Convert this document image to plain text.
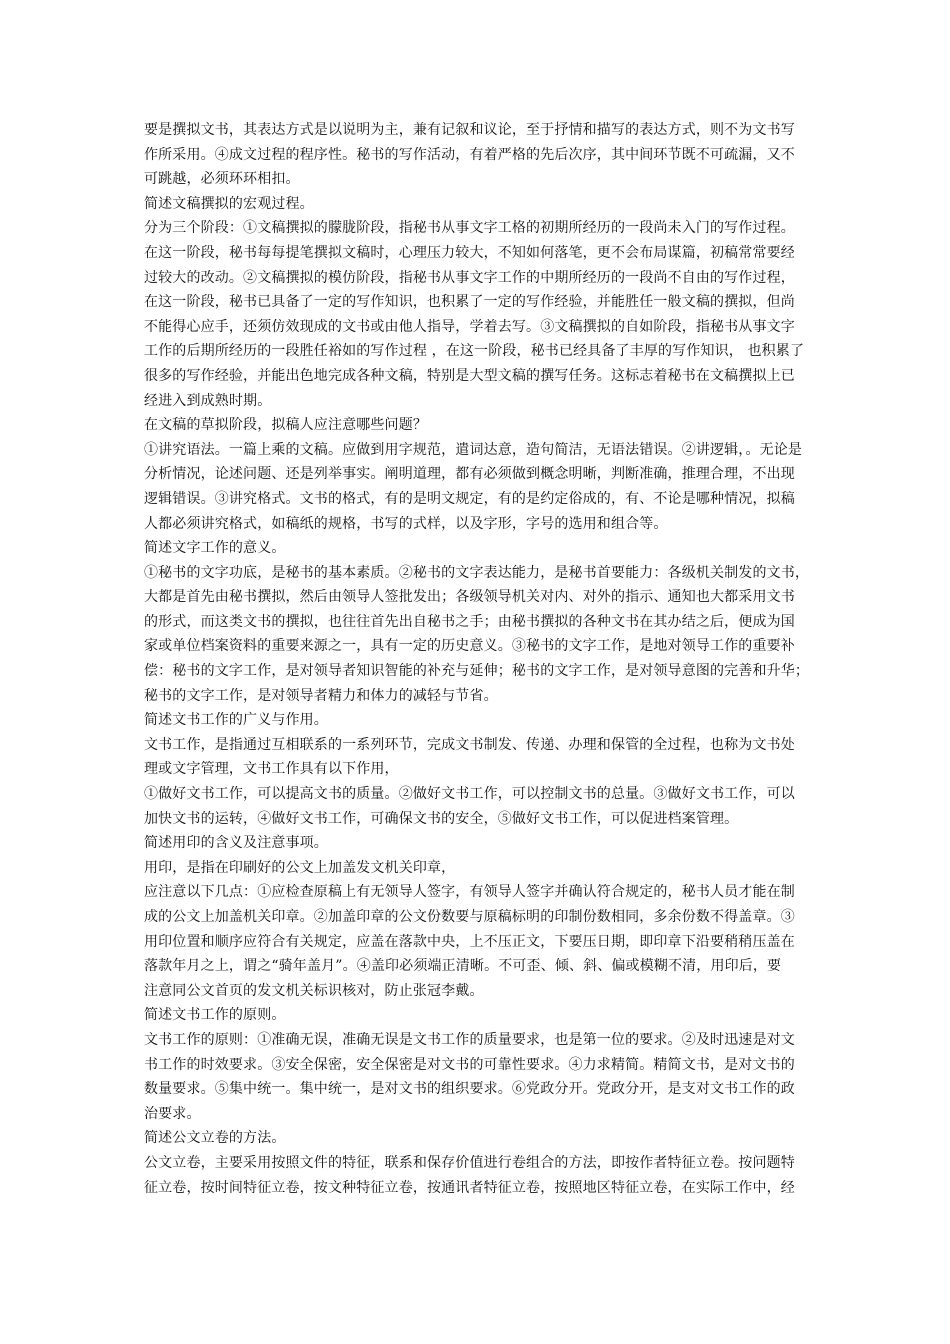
要是撰拟文书，其表达方式是以说明为主，兼有记叙和议论，至于抒情和描写的表达方式，则不为文书写
作所采用。④成文过程的程序性。秘书的写作活动，有着严格的先后次序，其中间环节既不可疏漏，又不
可跳越，必须环环相扣。
简述文稿撰拟的宏观过程。
分为三个阶段：①文稿撰拟的朦胧阶段，指秘书从事文字工格的初期所经历的一段尚未入门的写作过程。
在这一阶段，秘书每每提笔撰拟文稿时，心理压力较大，不知如何落笔，更不会布局谋篇，初稿常常要经
过较大的改动。②文稿撰拟的模仿阶段，指秘书从事文字工作的中期所经历的一段尚不自由的写作过程，
在这一阶段，秘书已具备了一定的写作知识，也积累了一定的写作经验，并能胜任一般文稿的撰拟，但尚
不能得心应手，还须仿效现成的文书或由他人指导，学着去写。③文稿撰拟的自如阶段，指秘书从事文字
工作的后期所经历的一段胜任裕如的写作过程 ，在这一阶段，秘书已经具备了丰厚的写作知识， 也积累了
很多的写作经验，并能出色地完成各种文稿，特别是大型文稿的撰写任务。这标志着秘书在文稿撰拟上已
经进入到成熟时期。
在文稿的草拟阶段，拟稿人应注意哪些问题？
①讲究语法。一篇上乘的文稿。应做到用字规范，遣词达意，造句简洁，无语法错误。②讲逻辑，。无论是
分析情况，论述问题、还是列举事实。阐明道理，都有必须做到概念明晰，判断准确，推理合理，不出现
逻辑错误。③讲究格式。文书的格式，有的是明文规定，有的是约定俗成的，有、不论是哪种情况，拟稿
人都必须讲究格式，如稿纸的规格，书写的式样，以及字形，字号的选用和组合等。
简述文字工作的意义。
①秘书的文字功底，是秘书的基本素质。②秘书的文字表达能力，是秘书首要能力：各级机关制发的文书，
大都是首先由秘书撰拟，然后由领导人签批发出；各级领导机关对内、对外的指示、通知也大都采用文书
的形式，而这类文书的撰拟，也往往首先出自秘书之手；由秘书撰拟的各种文书在其办结之后，便成为国
家或单位档案资料的重要来源之一，具有一定的历史意义。③秘书的文字工作，是地对领导工作的重要补
偿：秘书的文字工作，是对领导者知识智能的补充与延伸；秘书的文字工作，是对领导意图的完善和升华；
秘书的文字工作，是对领导者精力和体力的减轻与节省。
简述文书工作的广义与作用。
文书工作，是指通过互相联系的一系列环节，完成文书制发、传递、办理和保管的全过程，也称为文书处
理或文字管理，文书工作具有以下作用，
①做好文书工作，可以提高文书的质量。②做好文书工作，可以控制文书的总量。③做好文书工作，可以
加快文书的运转，④做好文书工作，可确保文书的安全，⑤做好文书工作，可以促进档案管理。
简述用印的含义及注意事项。
用印，是指在印刷好的公文上加盖发文机关印章，
应注意以下几点：①应检查原稿上有无领导人签字，有领导人签字并确认符合规定的，秘书人员才能在制
成的公文上加盖机关印章。②加盖印章的公文份数要与原稿标明的印制份数相同，多余份数不得盖章。③
用印位置和顺序应符合有关规定，应盖在落款中央，上不压正文，下要压日期，即印章下沿要稍稍压盖在
落款年月之上，谓之“骑年盖月”。④盖印必须端正清晰。不可歪、倾、斜、偏或模糊不清，用印后，要
注意同公文首页的发文机关标识核对，防止张冠李戴。
简述文书工作的原则。
文书工作的原则：①准确无误，准确无误是文书工作的质量要求，也是第一位的要求。②及时迅速是对文
书工作的时效要求。③安全保密，安全保密是对文书的可靠性要求。④力求精简。精简文书，是对文书的
数量要求。⑤集中统一。集中统一，是对文书的组织要求。⑥党政分开。党政分开，是支对文书工作的政
治要求。
简述公文立卷的方法。
公文立卷，主要采用按照文件的特征，联系和保存价值进行卷组合的方法，即按作者特征立卷。按问题特
征立卷，按时间特征立卷，按文种特征立卷，按通讯者特征立卷，按照地区特征立卷，在实际工作中，经
